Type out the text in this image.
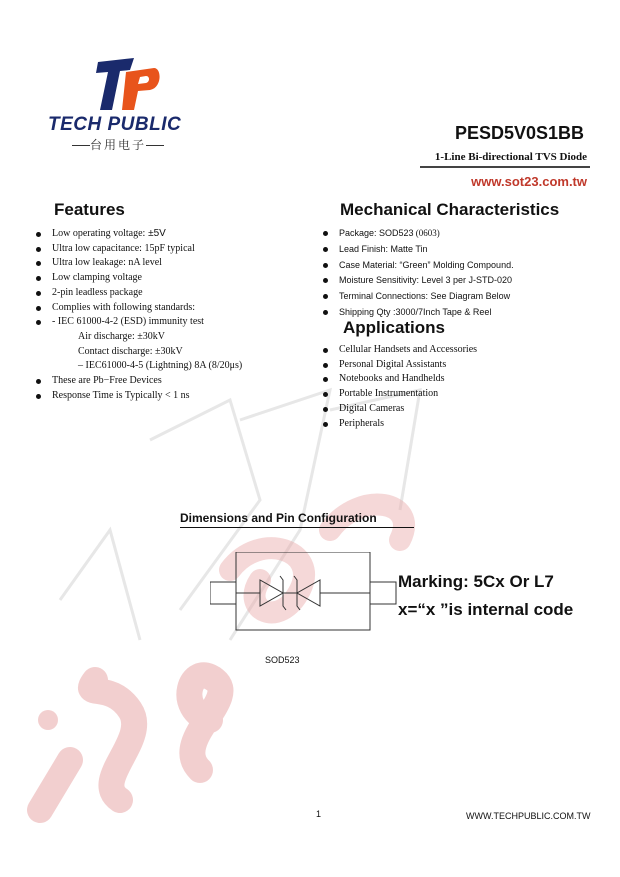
TECH PUBLIC
台用电子
PESD5V0S1BB
1-Line Bi-directional TVS Diode
www.sot23.com.tw
Features
Low operating voltage: ±5V
Ultra low capacitance: 15pF typical
Ultra low leakage: nA level
Low clamping voltage
2-pin leadless package
Complies with following standards:
- IEC 61000-4-2 (ESD) immunity test
Air discharge: ±30kV
Contact discharge: ±30kV
– IEC61000-4-5 (Lightning) 8A (8/20μs)
These are Pb−Free Devices
Response Time is Typically < 1 ns
Mechanical Characteristics
Package: SOD523 (0603)
Lead Finish: Matte Tin
Case Material: “Green” Molding Compound.
Moisture Sensitivity: Level 3 per J-STD-020
Terminal Connections: See Diagram Below
Shipping Qty :3000/7Inch Tape & Reel
Applications
Cellular Handsets and Accessories
Personal Digital Assistants
Notebooks and Handhelds
Portable Instrumentation
Digital Cameras
Peripherals
Dimensions and Pin Configuration
SOD523
Marking: 5Cx Or L7
x=“x ”is internal code
1	WWW.TECHPUBLIC.COM.TW
